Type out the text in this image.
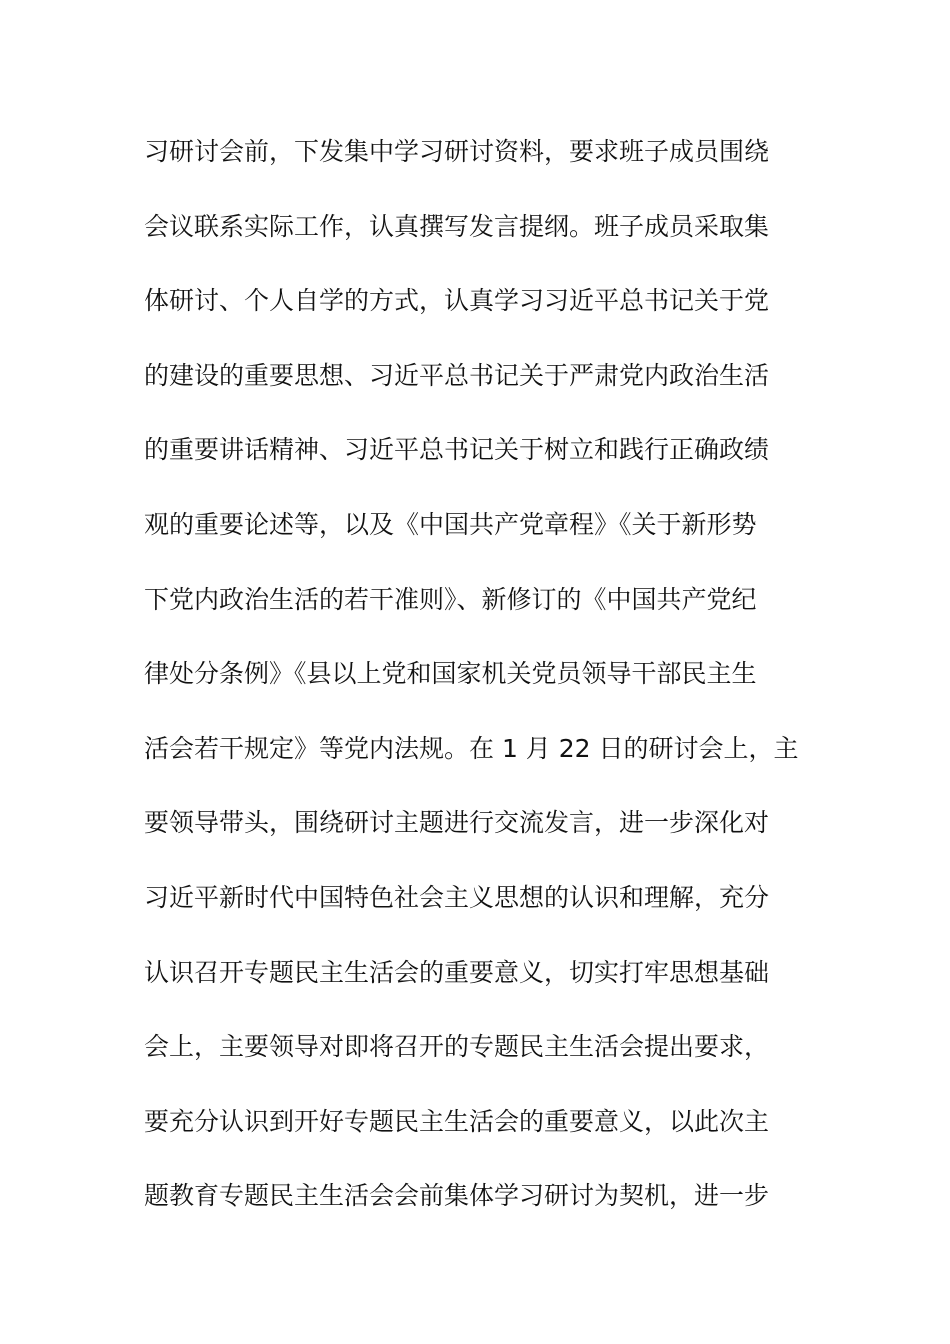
习研讨会前，下发集中学习研讨资料，要求班子成员围绕
会议联系实际工作，认真撰写发言提纲。班子成员采取集
体研讨、个人自学的方式，认真学习习近平总书记关于党
的建设的重要思想、习近平总书记关于严肃党内政治生活
的重要讲话精神、习近平总书记关于树立和践行正确政绩
观的重要论述等，以及《中国共产党章程》《关于新形势
下党内政治生活的若干准则》、新修订的《中国共产党纪
律处分条例》《县以上党和国家机关党员领导干部民主生
活会若干规定》等党内法规。在 1 月 22 日的研讨会上，主
要领导带头，围绕研讨主题进行交流发言，进一步深化对
习近平新时代中国特色社会主义思想的认识和理解，充分
认识召开专题民主生活会的重要意义，切实打牢思想基础
会上，主要领导对即将召开的专题民主生活会提出要求，
要充分认识到开好专题民主生活会的重要意义，以此次主
题教育专题民主生活会会前集体学习研讨为契机，进一步
